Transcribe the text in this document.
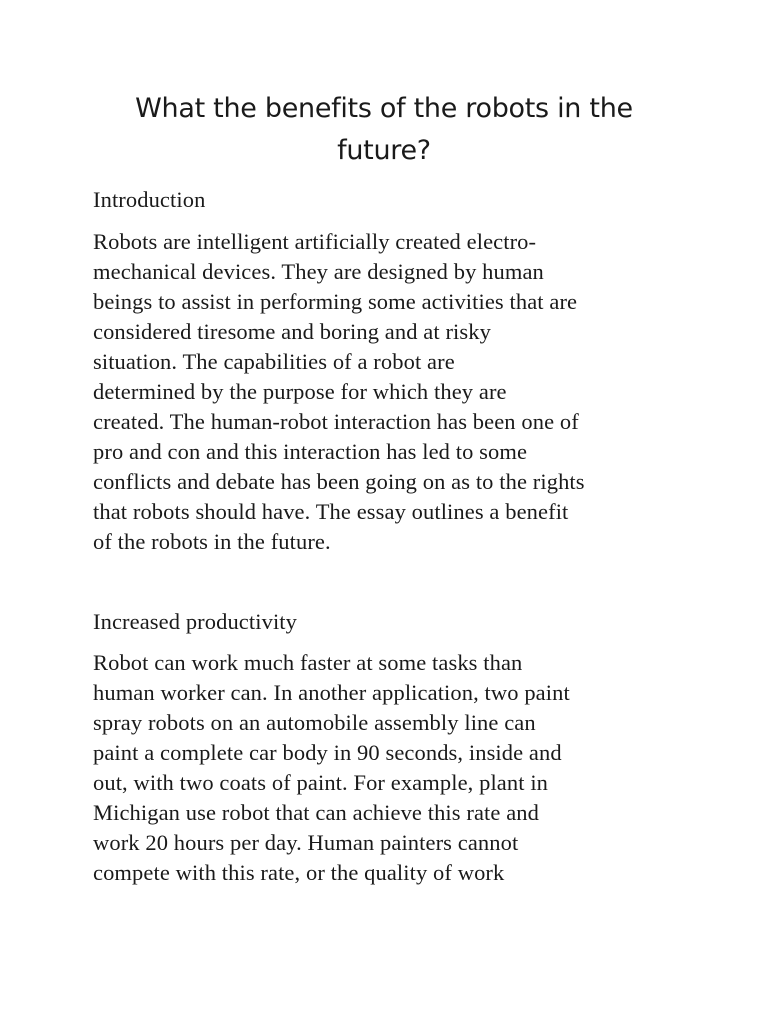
What the benefits of the robots in the future?

Introduction

Robots are intelligent artificially created electro-
mechanical devices. They are designed by human
beings to assist in performing some activities that are
considered tiresome and boring and at risky
situation. The capabilities of a robot are
determined by the purpose for which they are
created. The human-robot interaction has been one of
pro and con and this interaction has led to some
conflicts and debate has been going on as to the rights
that robots should have. The essay outlines a benefit
of the robots in the future.

Increased productivity

Robot can work much faster at some tasks than
human worker can. In another application, two paint
spray robots on an automobile assembly line can
paint a complete car body in 90 seconds, inside and
out, with two coats of paint. For example, plant in
Michigan use robot that can achieve this rate and
work 20 hours per day. Human painters cannot
compete with this rate, or the quality of work
